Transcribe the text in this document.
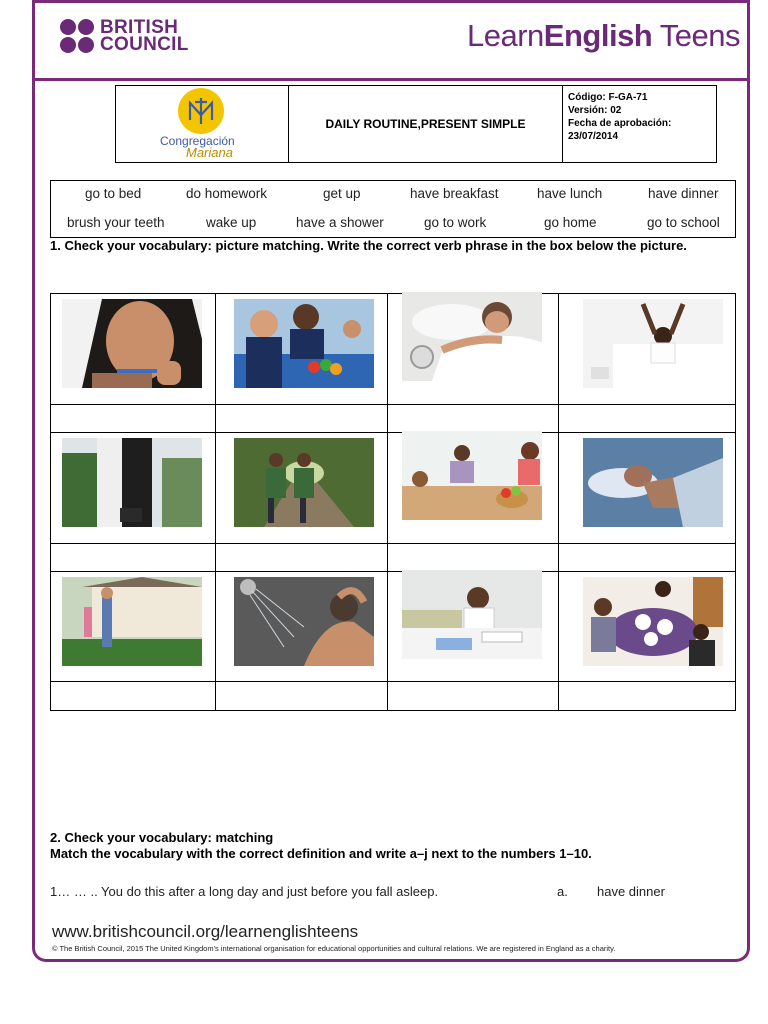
BRITISH
COUNCIL	LearnEnglish Teens
Congregación
Mariana
DAILY ROUTINE,PRESENT SIMPLE
Código: F-GA-71
Versión: 02
Fecha de aprobación:
23/07/2014
go to bed	do homework	get up	have breakfast	have lunch	have dinner
brush your teeth	wake up	have a shower	go to work	go home	go to school
1. Check your vocabulary: picture matching. Write the correct verb phrase in the box below the picture.
2. Check your vocabulary: matching
Match the vocabulary with the correct definition and write a–j next to the numbers 1–10.
1… … .. You do this after a long day and just before you fall asleep.	a. have dinner
www.britishcouncil.org/learnenglishteens
© The British Council, 2015 The United Kingdom's international organisation for educational opportunities and cultural relations. We are registered in England as a charity.
